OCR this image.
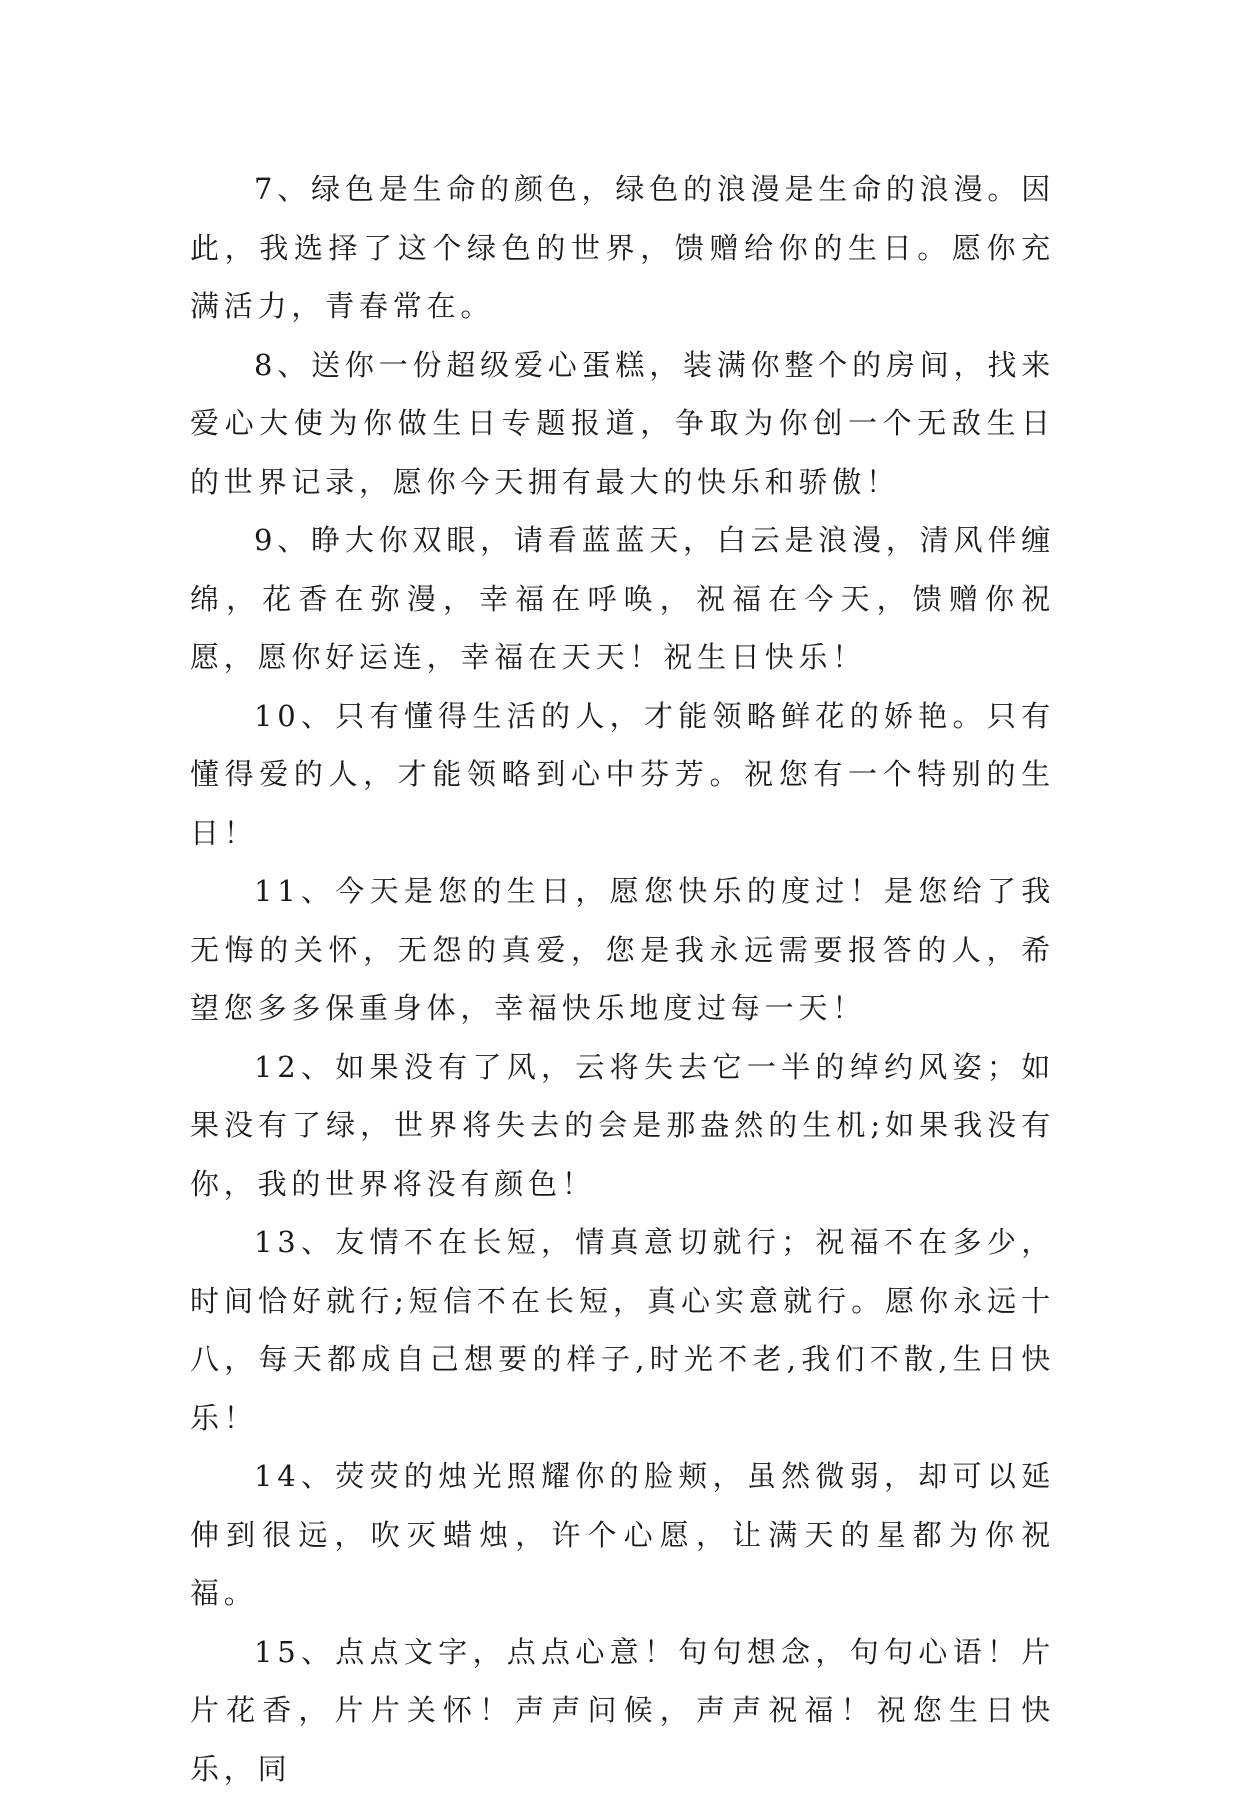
7、绿色是生命的颜色，绿色的浪漫是生命的浪漫。因此，我选择了这个绿色的世界，馈赠给你的生日。愿你充满活力，青春常在。

8、送你一份超级爱心蛋糕，装满你整个的房间，找来爱心大使为你做生日专题报道，争取为你创一个无敌生日的世界记录，愿你今天拥有最大的快乐和骄傲！

9、睁大你双眼，请看蓝蓝天，白云是浪漫，清风伴缠绵，花香在弥漫，幸福在呼唤，祝福在今天，馈赠你祝愿，愿你好运连，幸福在天天！祝生日快乐！

10、只有懂得生活的人，才能领略鲜花的娇艳。只有懂得爱的人，才能领略到心中芬芳。祝您有一个特别的生日！

11、今天是您的生日，愿您快乐的度过！是您给了我无悔的关怀，无怨的真爱，您是我永远需要报答的人，希望您多多保重身体，幸福快乐地度过每一天！

12、如果没有了风，云将失去它一半的绰约风姿；如果没有了绿，世界将失去的会是那盎然的生机;如果我没有你，我的世界将没有颜色！

13、友情不在长短，情真意切就行；祝福不在多少，时间恰好就行;短信不在长短，真心实意就行。愿你永远十八，每天都成自己想要的样子,时光不老,我们不散,生日快乐！

14、荧荧的烛光照耀你的脸颊，虽然微弱，却可以延伸到很远，吹灭蜡烛，许个心愿，让满天的星都为你祝福。

15、点点文字，点点心意！句句想念，句句心语！片片花香，片片关怀！声声问候，声声祝福！祝您生日快乐，同
